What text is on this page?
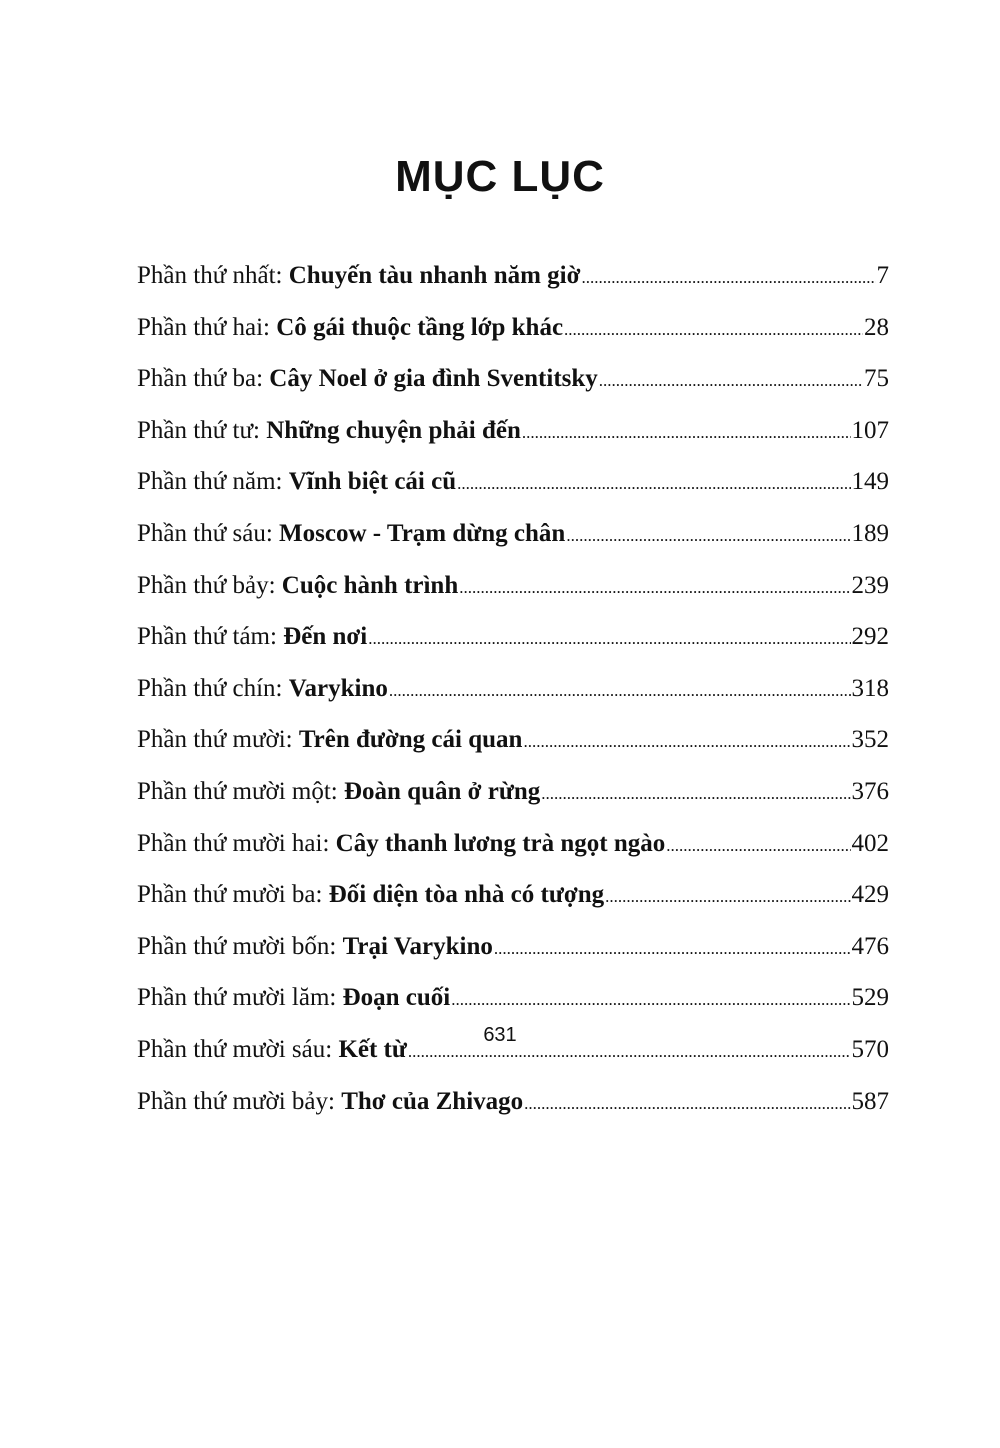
MỤC LỤC
Phần thứ nhất: Chuyến tàu nhanh năm giờ .....	7
Phần thứ hai: Cô gái thuộc tầng lớp khác .....	28
Phần thứ ba: Cây Noel ở gia đình Sventitsky .....	75
Phần thứ tư: Những chuyện phải đến .....	107
Phần thứ năm: Vĩnh biệt cái cũ .....	149
Phần thứ sáu: Moscow - Trạm dừng chân .....	189
Phần thứ bảy: Cuộc hành trình .....	239
Phần thứ tám: Đến nơi .....	292
Phần thứ chín: Varykino .....	318
Phần thứ mười: Trên đường cái quan .....	352
Phần thứ mười một: Đoàn quân ở rừng .....	376
Phần thứ mười hai: Cây thanh lương trà ngọt ngào .....	402
Phần thứ mười ba: Đối diện tòa nhà có tượng .....	429
Phần thứ mười bốn: Trại Varykino .....	476
Phần thứ mười lăm: Đoạn cuối .....	529
Phần thứ mười sáu: Kết từ .....	570
Phần thứ mười bảy: Thơ của Zhivago .....	587
631
